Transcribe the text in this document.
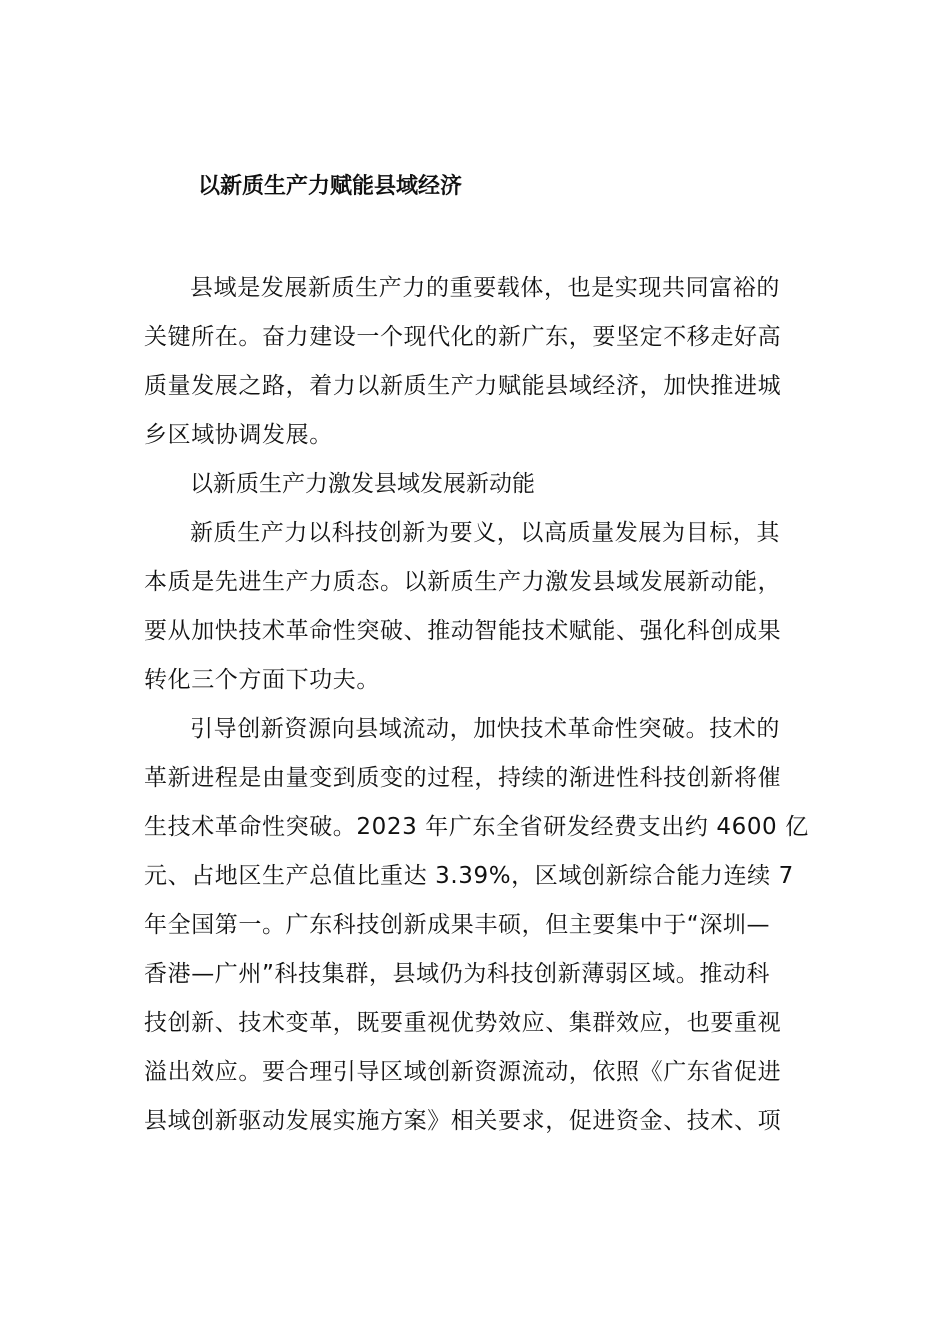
以新质生产力赋能县域经济
县域是发展新质生产力的重要载体，也是实现共同富裕的
关键所在。奋力建设一个现代化的新广东，要坚定不移走好高
质量发展之路，着力以新质生产力赋能县域经济，加快推进城
乡区域协调发展。
以新质生产力激发县域发展新动能
新质生产力以科技创新为要义，以高质量发展为目标，其
本质是先进生产力质态。以新质生产力激发县域发展新动能，
要从加快技术革命性突破、推动智能技术赋能、强化科创成果
转化三个方面下功夫。
引导创新资源向县域流动，加快技术革命性突破。技术的
革新进程是由量变到质变的过程，持续的渐进性科技创新将催
生技术革命性突破。2023 年广东全省研发经费支出约 4600 亿
元、占地区生产总值比重达 3.39%，区域创新综合能力连续 7
年全国第一。广东科技创新成果丰硕，但主要集中于“深圳—
香港—广州”科技集群，县域仍为科技创新薄弱区域。推动科
技创新、技术变革，既要重视优势效应、集群效应，也要重视
溢出效应。要合理引导区域创新资源流动，依照《广东省促进
县域创新驱动发展实施方案》相关要求，促进资金、技术、项
